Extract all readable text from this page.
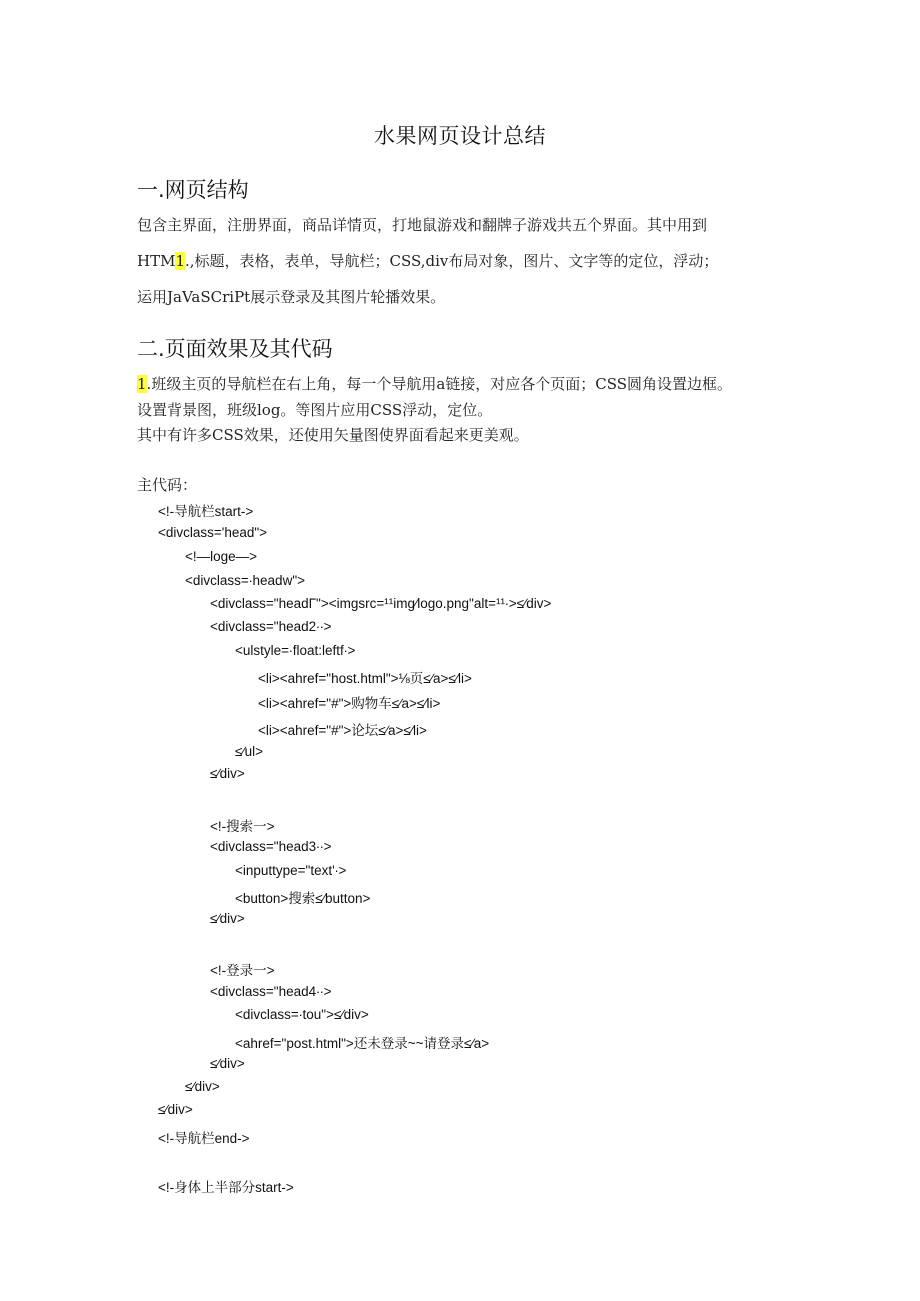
水果网页设计总结
一.网页结构
包含主界面，注册界面，商品详情页，打地鼠游戏和翻牌子游戏共五个界面。其中用到
HTM1.,标题，表格，表单，导航栏；CSS,div布局对象，图片、文字等的定位，浮动；
运用JaVaSCriPt展示登录及其图片轮播效果。
二.页面效果及其代码
1.班级主页的导航栏在右上角，每一个导航用a链接，对应各个页面；CSS圆角设置边框。
设置背景图，班级log。等图片应用CSS浮动，定位。
其中有许多CSS效果，还使用矢量图使界面看起来更美观。
主代码：
<!-导航栏start->
<divclass='head">
<!—loge—>
<divclass=∙headw">
<divclass="headΓ"><imgsrc=¹¹img∕logo.png"alt=¹¹∙>≤∕div>
<divclass="head2∙∙>
<ulstyle=∙float:leftf∙>
<li><ahref="host.html">⅛页≤∕a>≤∕li>
<li><ahref="#">购物车≤∕a>≤∕li>
<li><ahref="#">论坛≤∕a>≤∕li>
≤∕ul>
≤∕div>
<!-搜索一>
<divclass="head3∙∙>
<inputtype="text'∙>
<button>搜索≤∕button>
≤∕div>
<!-登录一>
<divclass="head4∙∙>
<divclass=∙tou">≤∕div>
<ahref="post.html">还未登录~~请登录≤∕a>
≤∕div>
≤∕div>
≤∕div>
<!-导航栏end->
<!-身体上半部分start->
